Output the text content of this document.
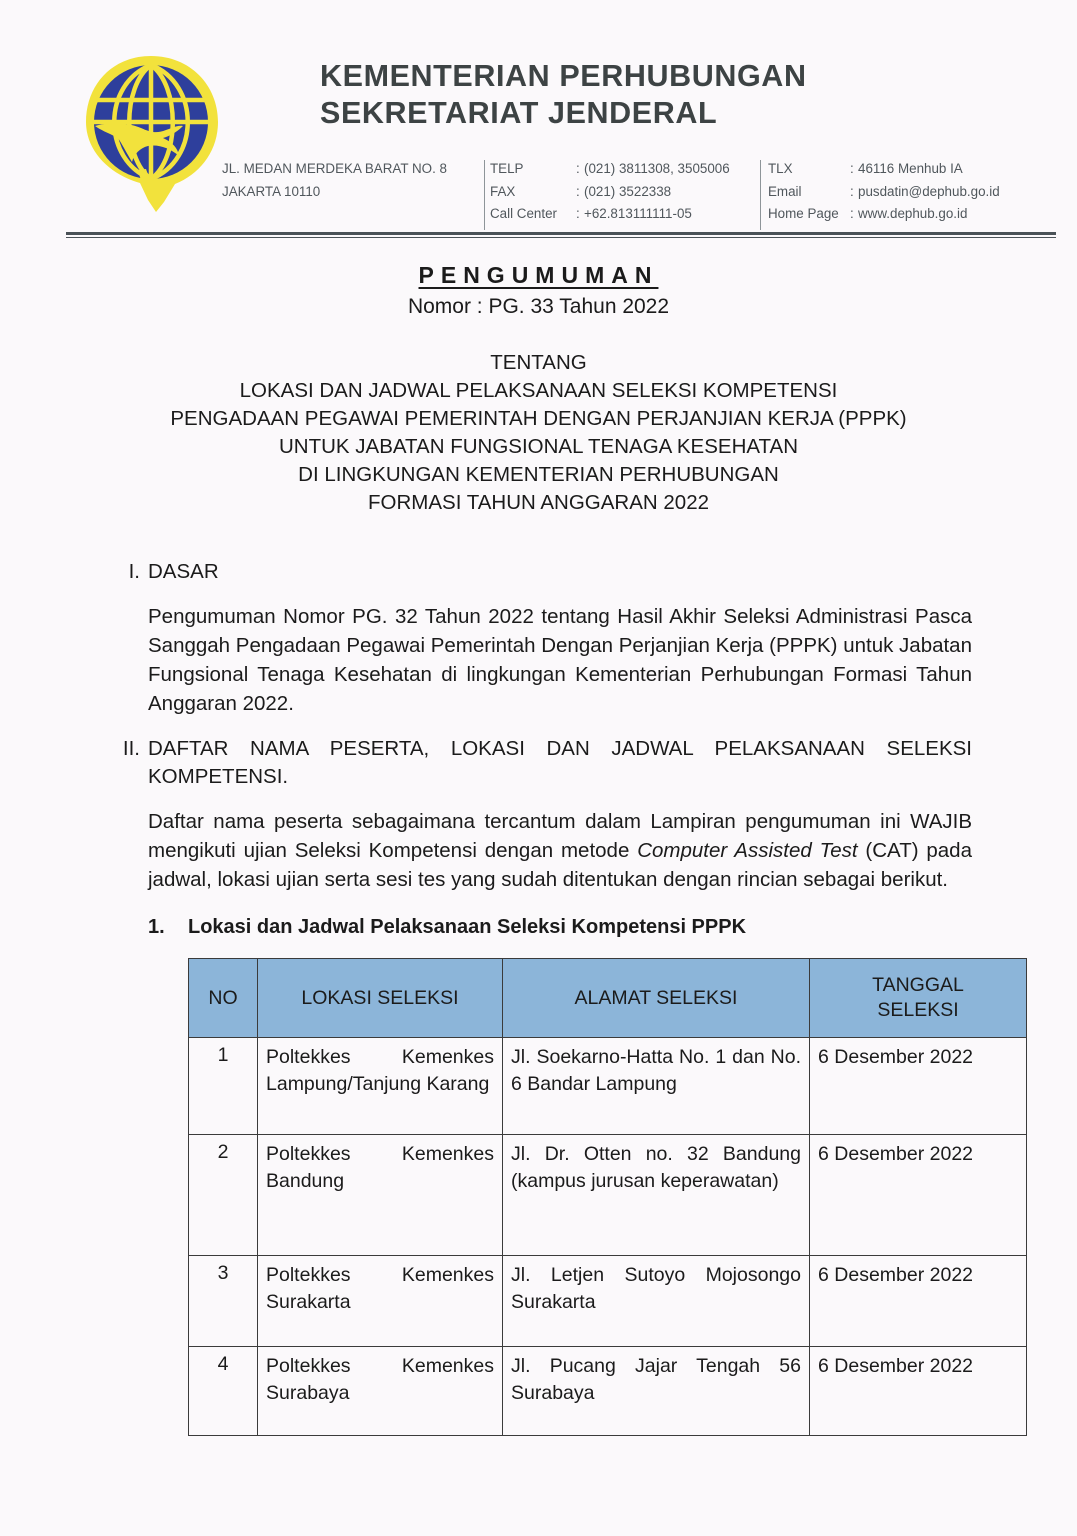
KEMENTERIAN PERHUBUNGAN
SEKRETARIAT JENDERAL
JL. MEDAN MERDEKA BARAT NO. 8
JAKARTA 10110
TELP	: (021) 3811308, 3505006
FAX	: (021) 3522338
Call Center	: +62.813111111-05
TLX	: 46116 Menhub IA
Email	: pusdatin@dephub.go.id
Home Page : www.dephub.go.id
PENGUMUMAN
Nomor : PG. 33 Tahun 2022
TENTANG
LOKASI DAN JADWAL PELAKSANAAN SELEKSI KOMPETENSI
PENGADAAN PEGAWAI PEMERINTAH DENGAN PERJANJIAN KERJA (PPPK)
UNTUK JABATAN FUNGSIONAL TENAGA KESEHATAN
DI LINGKUNGAN KEMENTERIAN PERHUBUNGAN
FORMASI TAHUN ANGGARAN 2022
I. DASAR
Pengumuman Nomor PG. 32 Tahun 2022 tentang Hasil Akhir Seleksi Administrasi Pasca Sanggah Pengadaan Pegawai Pemerintah Dengan Perjanjian Kerja (PPPK) untuk Jabatan Fungsional Tenaga Kesehatan di lingkungan Kementerian Perhubungan Formasi Tahun Anggaran 2022.
II. DAFTAR NAMA PESERTA, LOKASI DAN JADWAL PELAKSANAAN SELEKSI KOMPETENSI.
Daftar nama peserta sebagaimana tercantum dalam Lampiran pengumuman ini WAJIB mengikuti ujian Seleksi Kompetensi dengan metode Computer Assisted Test (CAT) pada jadwal, lokasi ujian serta sesi tes yang sudah ditentukan dengan rincian sebagai berikut.
1.	Lokasi dan Jadwal Pelaksanaan Seleksi Kompetensi PPPK
NO	LOKASI SELEKSI	ALAMAT SELEKSI	TANGGAL
SELEKSI

1	Poltekkes Kemenkes Lampung/Tanjung Karang	Jl. Soekarno-Hatta No. 1 dan No. 6 Bandar Lampung	6 Desember 2022
2	Poltekkes Kemenkes Bandung	Jl. Dr. Otten no. 32 Bandung (kampus jurusan keperawatan)	6 Desember 2022
3	Poltekkes Kemenkes Surakarta	Jl. Letjen Sutoyo Mojosongo Surakarta	6 Desember 2022
4	Poltekkes Kemenkes Surabaya	Jl. Pucang Jajar Tengah 56 Surabaya	6 Desember 2022
